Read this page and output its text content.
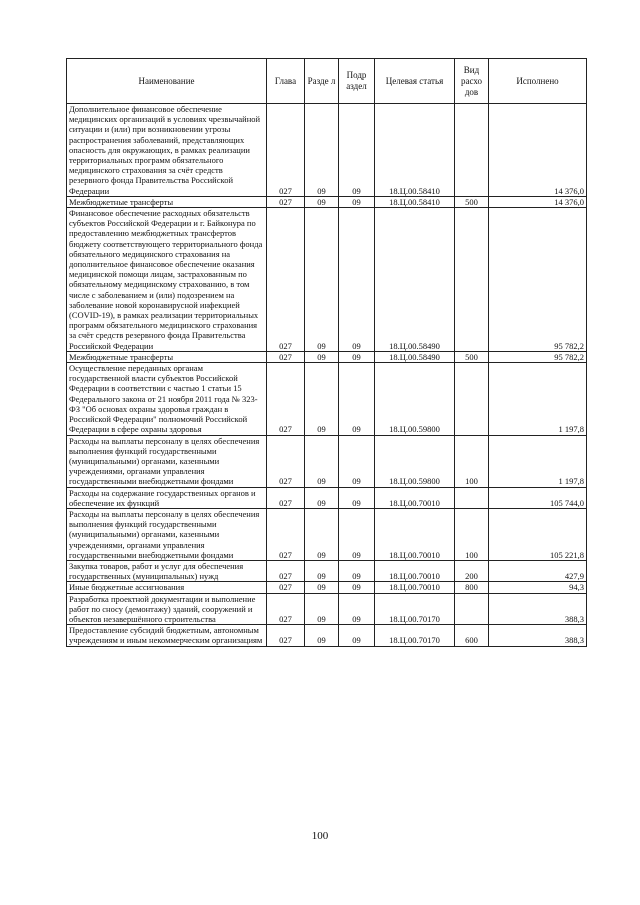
Наименование	Глава	Разде л	Подр аздел	Целевая статья	Вид расхо дов	Исполнено
Дополнительное финансовое обеспечение медицинских организаций в условиях чрезвычайной ситуации и (или) при возникновении угрозы распространения заболеваний, представляющих опасность для окружающих, в рамках реализации территориальных программ обязательного медицинского страхования за счёт средств резервного фонда Правительства Российской Федерации	027	09	09	18.Ц.00.58410		14 376,0
Межбюджетные трансферты	027	09	09	18.Ц.00.58410	500	14 376,0
Финансовое обеспечение расходных обязательств субъектов Российской Федерации и г. Байконура по предоставлению межбюджетных трансфертов бюджету соответствующего территориального фонда обязательного медицинского страхования на дополнительное финансовое обеспечение оказания медицинской помощи лицам, застрахованным по обязательному медицинскому страхованию, в том числе с заболеванием и (или) подозрением на заболевание новой коронавирусной инфекцией (COVID-19), в рамках реализации территориальных программ обязательного медицинского страхования за счёт средств резервного фонда Правительства Российской Федерации	027	09	09	18.Ц.00.58490		95 782,2
Межбюджетные трансферты	027	09	09	18.Ц.00.58490	500	95 782,2
Осуществление переданных органам государственной власти субъектов Российской Федерации в соответствии с частью 1 статьи 15 Федерального закона от 21 ноября 2011 года № 323-ФЗ "Об основах охраны здоровья граждан в Российской Федерации" полномочий Российской Федерации в сфере охраны здоровья	027	09	09	18.Ц.00.59800		1 197,8
Расходы на выплаты персоналу в целях обеспечения выполнения функций государственными (муниципальными) органами, казенными учреждениями, органами управления государственными внебюджетными фондами	027	09	09	18.Ц.00.59800	100	1 197,8
Расходы на содержание государственных органов и обеспечение их функций	027	09	09	18.Ц.00.70010		105 744,0
Расходы на выплаты персоналу в целях обеспечения выполнения функций государственными (муниципальными) органами, казенными учреждениями, органами управления государственными внебюджетными фондами	027	09	09	18.Ц.00.70010	100	105 221,8
Закупка товаров, работ и услуг для обеспечения государственных (муниципальных) нужд	027	09	09	18.Ц.00.70010	200	427,9
Иные бюджетные ассигнования	027	09	09	18.Ц.00.70010	800	94,3
Разработка проектной документации и выполнение работ по сносу (демонтажу) зданий, сооружений и объектов незавершённого строительства	027	09	09	18.Ц.00.70170		388,3
Предоставление субсидий бюджетным, автономным учреждениям и иным некоммерческим организациям	027	09	09	18.Ц.00.70170	600	388,3
100
